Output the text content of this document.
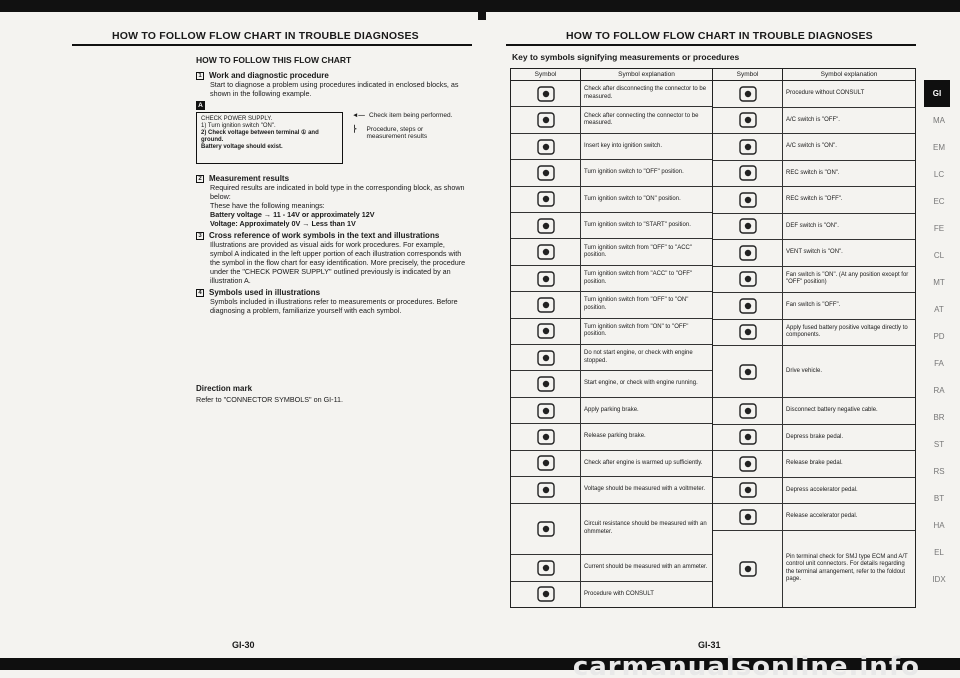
HOW TO FOLLOW FLOW CHART IN TROUBLE DIAGNOSES
HOW TO FOLLOW THIS FLOW CHART
1 Work and diagnostic procedure
Start to diagnose a problem using procedures indicated in enclosed blocks, as shown in the following example.
A
CHECK POWER SUPPLY.
1) Turn ignition switch "ON".
2) Check voltage between terminal ① and ground.
Battery voltage should exist.
◄— Check item being performed.
⎬	Procedure, steps or measurement results
2 Measurement results
Required results are indicated in bold type in the corresponding block, as shown below:
These have the following meanings:
Battery voltage → 11 - 14V or approximately 12V
Voltage: Approximately 0V → Less than 1V
3 Cross reference of work symbols in the text and illustrations
Illustrations are provided as visual aids for work procedures. For example, symbol A indicated in the left upper portion of each illustration corresponds with the symbol in the flow chart for easy identification. More precisely, the procedure under the "CHECK POWER SUPPLY" outlined previously is indicated by an illustration A.
4 Symbols used in illustrations
Symbols included in illustrations refer to measurements or procedures. Before diagnosing a problem, familiarize yourself with each symbol.
Direction mark
Refer to "CONNECTOR SYMBOLS" on GI-11.
GI-30
HOW TO FOLLOW FLOW CHART IN TROUBLE DIAGNOSES
Key to symbols signifying measurements or procedures
Symbol	Symbol explanation
Check after disconnecting the connector to be measured.
Check after connecting the connector to be measured.
Insert key into ignition switch.
Turn ignition switch to "OFF" position.
Turn ignition switch to "ON" position.
Turn ignition switch to "START" position.
Turn ignition switch from "OFF" to "ACC" position.
Turn ignition switch from "ACC" to "OFF" position.
Turn ignition switch from "OFF" to "ON" position.
Turn ignition switch from "ON" to "OFF" position.
Do not start engine, or check with engine stopped.
Start engine, or check with engine running.
Apply parking brake.
Release parking brake.
Check after engine is warmed up sufficiently.
Voltage should be measured with a voltmeter.
Circuit resistance should be measured with an ohmmeter.
Current should be measured with an ammeter.
Procedure with CONSULT
Symbol	Symbol explanation
Procedure without CONSULT
A/C switch is "OFF".
A/C switch is "ON".
REC switch is "ON".
REC switch is "OFF".
DEF switch is "ON".
VENT switch is "ON".
Fan switch is "ON". (At any position except for "OFF" position)
Fan switch is "OFF".
Apply fused battery positive voltage directly to components.
Drive vehicle.
Disconnect battery negative cable.
Depress brake pedal.
Release brake pedal.
Depress accelerator pedal.
Release accelerator pedal.
Pin terminal check for SMJ type ECM and A/T control unit connectors. For details regarding the terminal arrangement, refer to the foldout page.
GI
MA
EM
LC
EC
FE
CL
MT
AT
PD
FA
RA
BR
ST
RS
BT
HA
EL
IDX
GI-31
carmanualsonline.info
